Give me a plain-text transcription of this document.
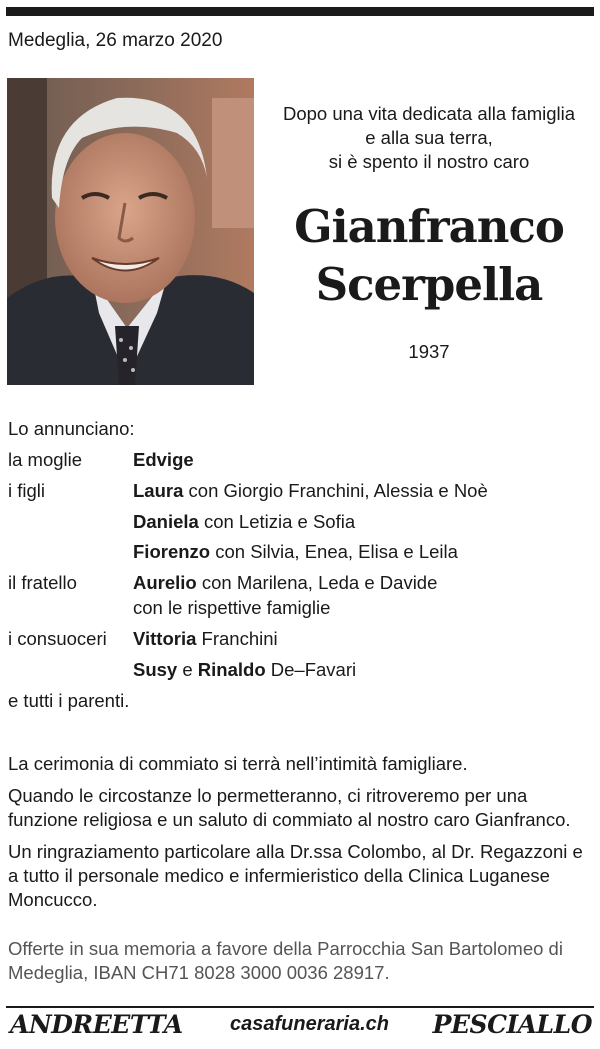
Medeglia, 26 marzo 2020
Dopo una vita dedicata alla famiglia
e alla sua terra,
si è spento il nostro caro
Gianfranco
Scerpella
1937
Lo annunciano:
la moglie	Edvige
i figli	Laura con Giorgio Franchini, Alessia e Noè
Daniela con Letizia e Sofia
Fiorenzo con Silvia, Enea, Elisa e Leila
il fratello	Aurelio con Marilena, Leda e Davide
con le rispettive famiglie
i consuoceri Vittoria Franchini
Susy e Rinaldo De–Favari
e tutti i parenti.
La cerimonia di commiato si terrà nell’intimità famigliare.
Quando le circostanze lo permetteranno, ci ritroveremo per una funzione religiosa e un saluto di commiato al nostro caro Gianfranco.
Un ringraziamento particolare alla Dr.ssa Colombo, al Dr. Regazzoni e a tutto il personale medico e infermieristico della Clinica Luganese Moncucco.
Offerte in sua memoria a favore della Parrocchia San Bartolomeo di Medeglia, IBAN CH71 8028 3000 0036 28917.
ANDREETTA casafuneraria.ch PESCIALLO
